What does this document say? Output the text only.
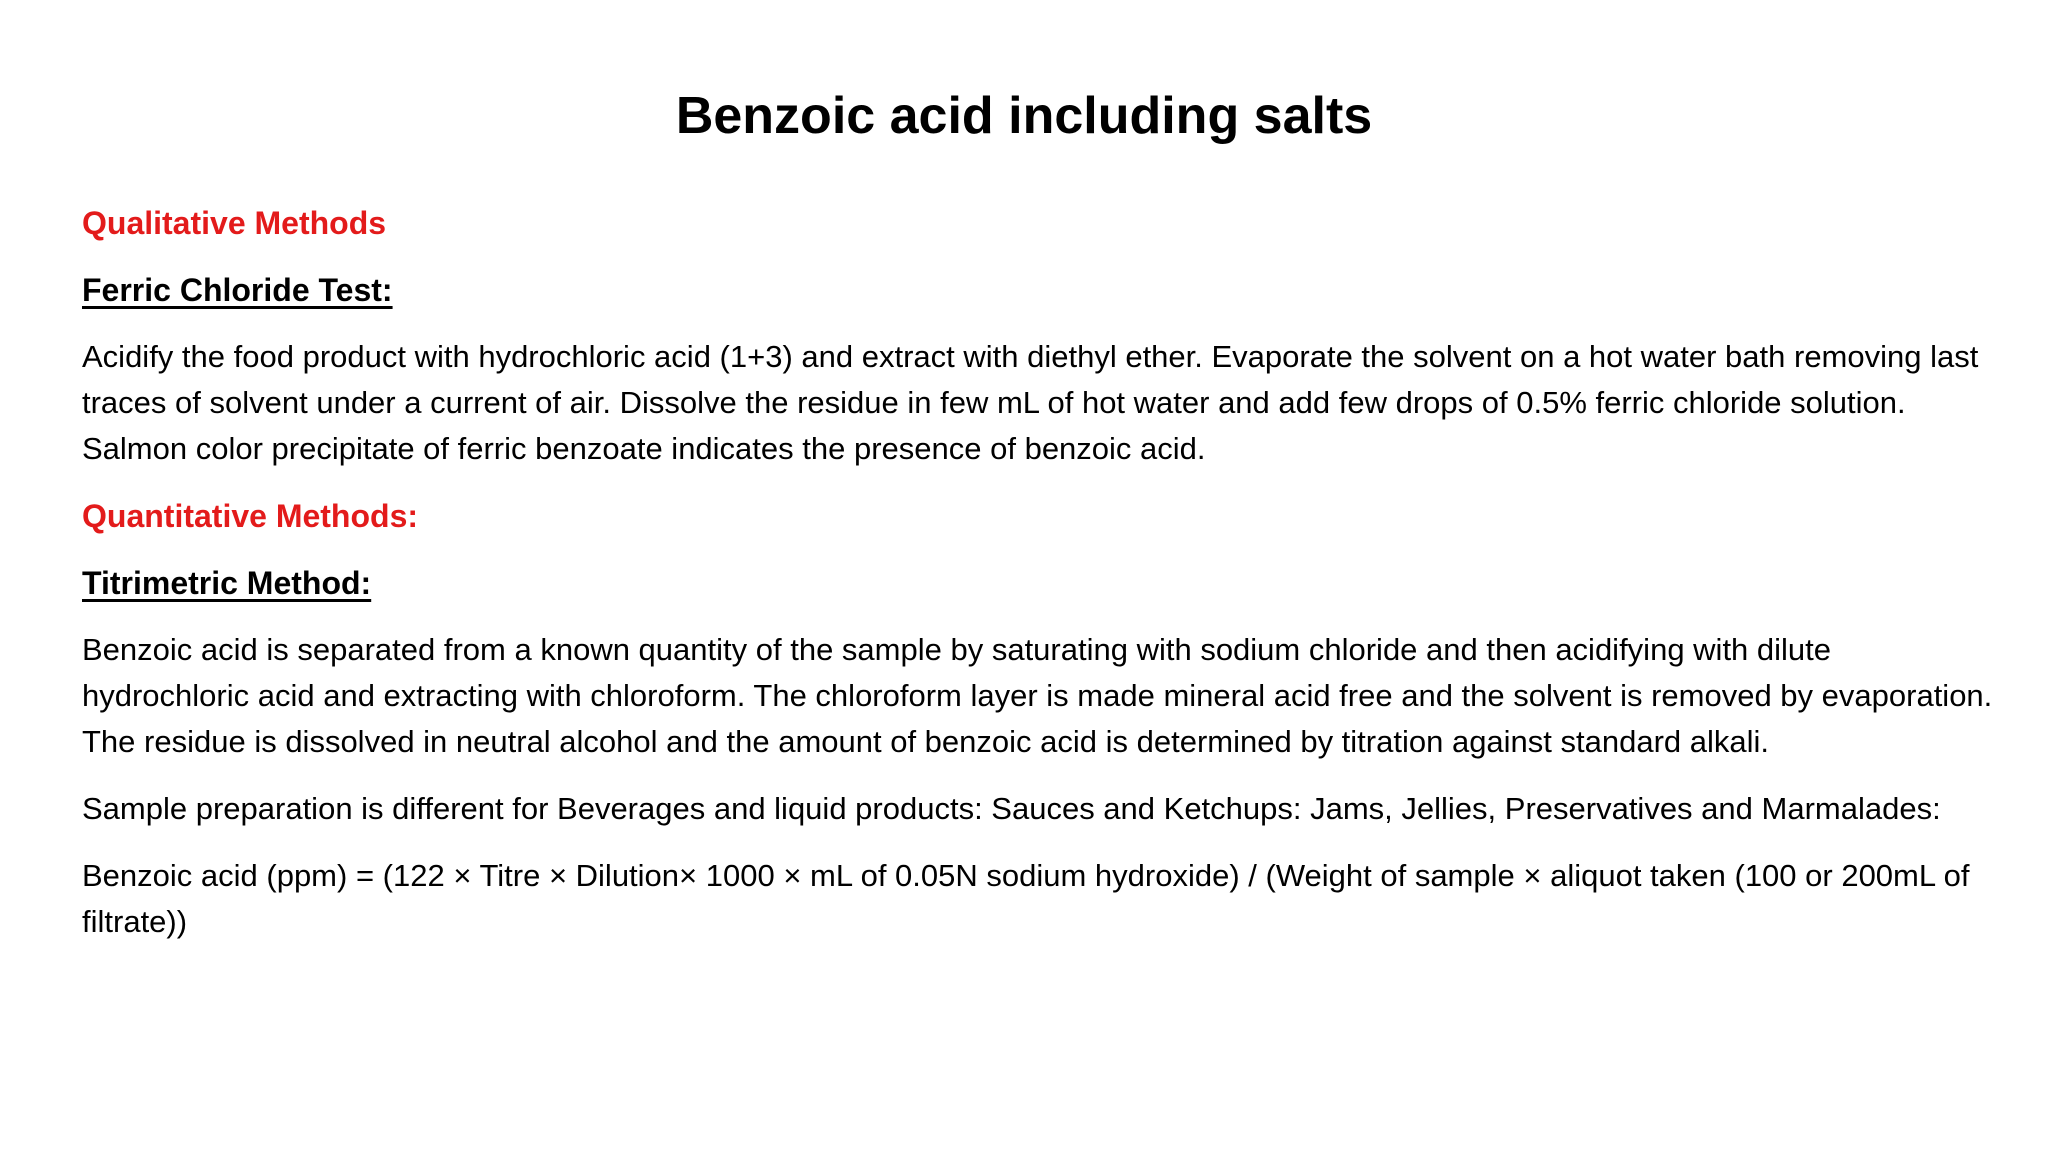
Benzoic acid including salts

Qualitative Methods

Ferric Chloride Test:

Acidify the food product with hydrochloric acid (1+3) and extract with diethyl ether. Evaporate the solvent on a hot water bath removing last traces of solvent under a current of air. Dissolve the residue in few mL of hot water and add few drops of 0.5% ferric chloride solution. Salmon color precipitate of ferric benzoate indicates the presence of benzoic acid.

Quantitative Methods:

Titrimetric Method:

Benzoic acid is separated from a known quantity of the sample by saturating with sodium chloride and then acidifying with dilute hydrochloric acid and extracting with chloroform. The chloroform layer is made mineral acid free and the solvent is removed by evaporation. The residue is dissolved in neutral alcohol and the amount of benzoic acid is determined by titration against standard alkali.

Sample preparation is different for Beverages and liquid products: Sauces and Ketchups: Jams, Jellies, Preservatives and Marmalades:

Benzoic acid (ppm) = (122 × Titre × Dilution× 1000 × mL of 0.05N sodium hydroxide) / (Weight of sample × aliquot taken (100 or 200mL of filtrate))
